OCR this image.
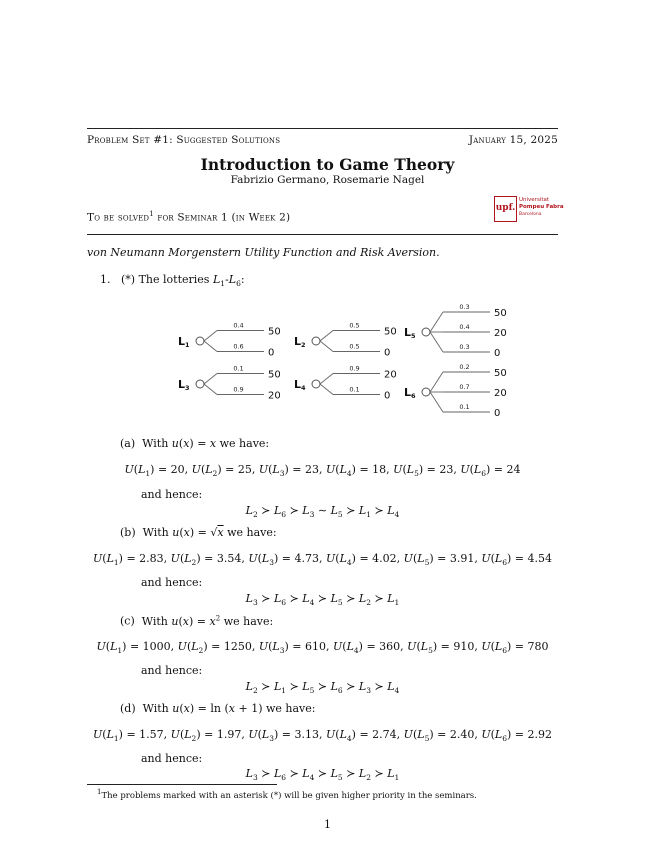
Problem Set #1: Suggested Solutions	January 15, 2025
Introduction to Game Theory
Fabrizio Germano, Rosemarie Nagel
To be solved$^1$ for Seminar 1 (in Week 2)
upf.
Universitat
Pompeu Fabra
Barcelona
von Neumann Morgenstern Utility Function and Risk Aversion.
1. (*) The lotteries $L_1-L_6$:
L1
0.4
50
0.6
0
L2
0.5
50
0.5
0
L3
0.1
50
0.9
20
L4
0.9
20
0.1
0
L5
0.3
50
0.4
20
0.3
0
L6
0.2
50
0.7
20
0.1
0
(a) With u(x) = x we have:
$U(L_1) = 20$, $U(L_2) = 25$, $U(L_3) = 23$, $U(L_4) = 18$, $U(L_5) = 23$, $U(L_6) = 24$
and hence:
$L_2$ ≻ $L_6$ ≻ $L_3$ ∼ $L_5$ ≻ $L_1$ ≻ $L_4$
(b) With u(x) = √x we have:
$U(L_1) = 2.83$, $U(L_2) = 3.54$, $U(L_3) = 4.73$, $U(L_4) = 4.02$, $U(L_5) = 3.91$, $U(L_6) = 4.54$
and hence:
$L_3$ ≻ $L_6$ ≻ $L_4$ ≻ $L_5$ ≻ $L_2$ ≻ $L_1$
(c) With $u(x) = x^2$ we have:
$U(L_1) = 1000$, $U(L_2) = 1250$, $U(L_3) = 610$, $U(L_4) = 360$, $U(L_5) = 910$, $U(L_6) = 780$
and hence:
$L_2$ ≻ $L_1$ ≻ $L_5$ ≻ $L_6$ ≻ $L_3$ ≻ $L_4$
(d) With u(x) = ln (x + 1) we have:
$U(L_1) = 1.57$, $U(L_2) = 1.97$, $U(L_3) = 3.13$, $U(L_4) = 2.74$, $U(L_5) = 2.40$, $U(L_6) = 2.92$
and hence:
$L_3$ ≻ $L_6$ ≻ $L_4$ ≻ $L_5$ ≻ $L_2$ ≻ $L_1$
$^1$The problems marked with an asterisk (*) will be given higher priority in the seminars.
1
